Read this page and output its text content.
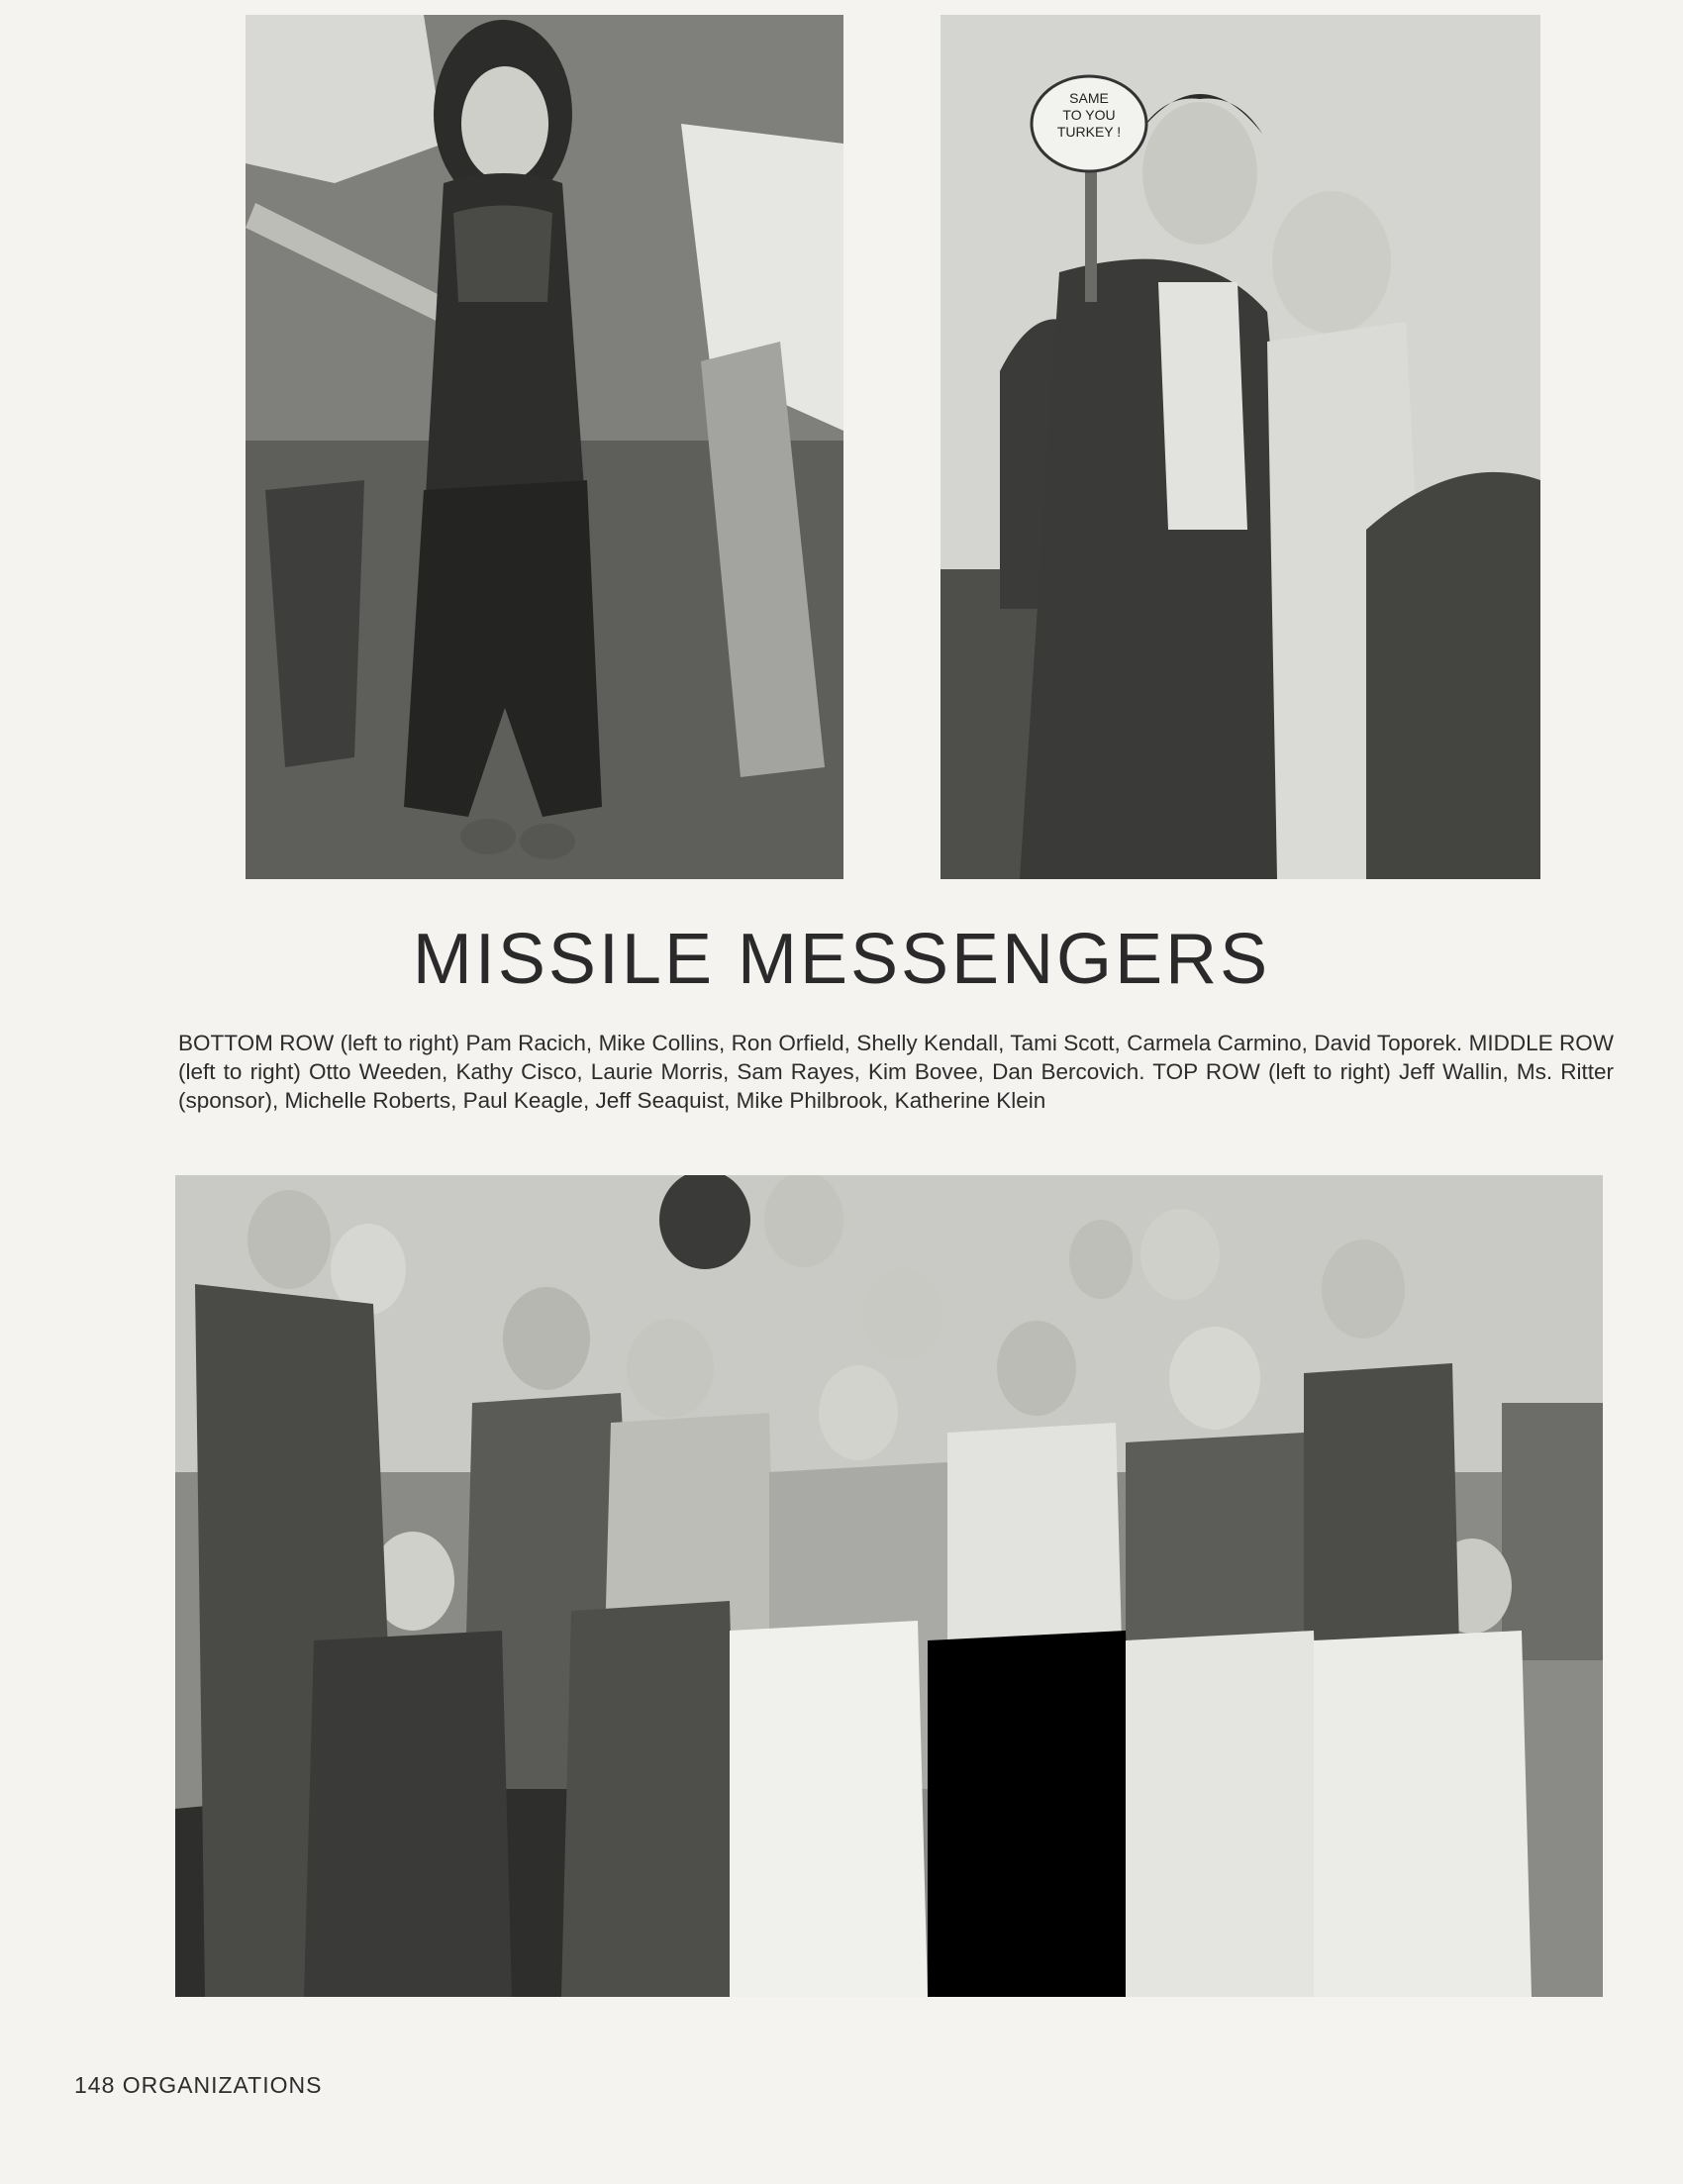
SAME
TO YOU
TURKEY !
MISSILE MESSENGERS

BOTTOM ROW (left to right) Pam Racich, Mike Collins, Ron Orfield, Shelly Kendall, Tami Scott, Carmela Carmino, David Toporek. MIDDLE ROW (left to right) Otto Weeden, Kathy Cisco, Laurie Morris, Sam Rayes, Kim Bovee, Dan Bercovich. TOP ROW (left to right) Jeff Wallin, Ms. Ritter (sponsor), Michelle Roberts, Paul Keagle, Jeff Seaquist, Mike Philbrook, Katherine Klein

148 ORGANIZATIONS
